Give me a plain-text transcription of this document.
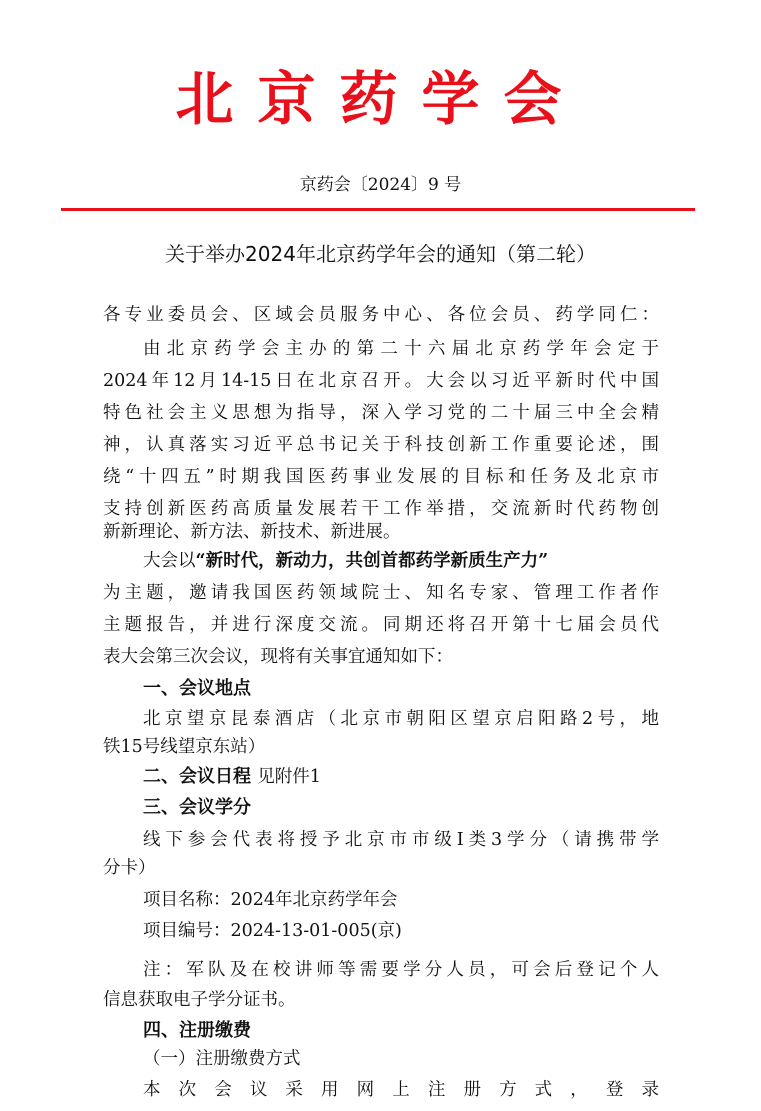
北京药学会
京药会〔2024〕9 号
关于举办2024年北京药学年会的通知（第二轮）
各专业委员会、区域会员服务中心、各位会员、药学同仁：
由北京药学会主办的第二十六届北京药学年会定于
2024年12月14-15日在北京召开。大会以习近平新时代中国
特色社会主义思想为指导，深入学习党的二十届三中全会精
神，认真落实习近平总书记关于科技创新工作重要论述，围
绕“十四五”时期我国医药事业发展的目标和任务及北京市
支持创新医药高质量发展若干工作举措，交流新时代药物创
新新理论、新方法、新技术、新进展。
大会以“新时代，新动力，共创首都药学新质生产力”
为主题，邀请我国医药领域院士、知名专家、管理工作者作
主题报告，并进行深度交流。同期还将召开第十七届会员代
表大会第三次会议，现将有关事宜通知如下：
一、会议地点
北京望京昆泰酒店（北京市朝阳区望京启阳路2号，地
铁15号线望京东站）
二、会议日程 见附件1
三、会议学分
线下参会代表将授予北京市市级Ⅰ类3学分（请携带学
分卡）
项目名称：2024年北京药学年会
项目编号：2024-13-01-005(京)
注：军队及在校讲师等需要学分人员，可会后登记个人
信息获取电子学分证书。
四、注册缴费
（一）注册缴费方式
本次会议采用网上注册方式，登录
